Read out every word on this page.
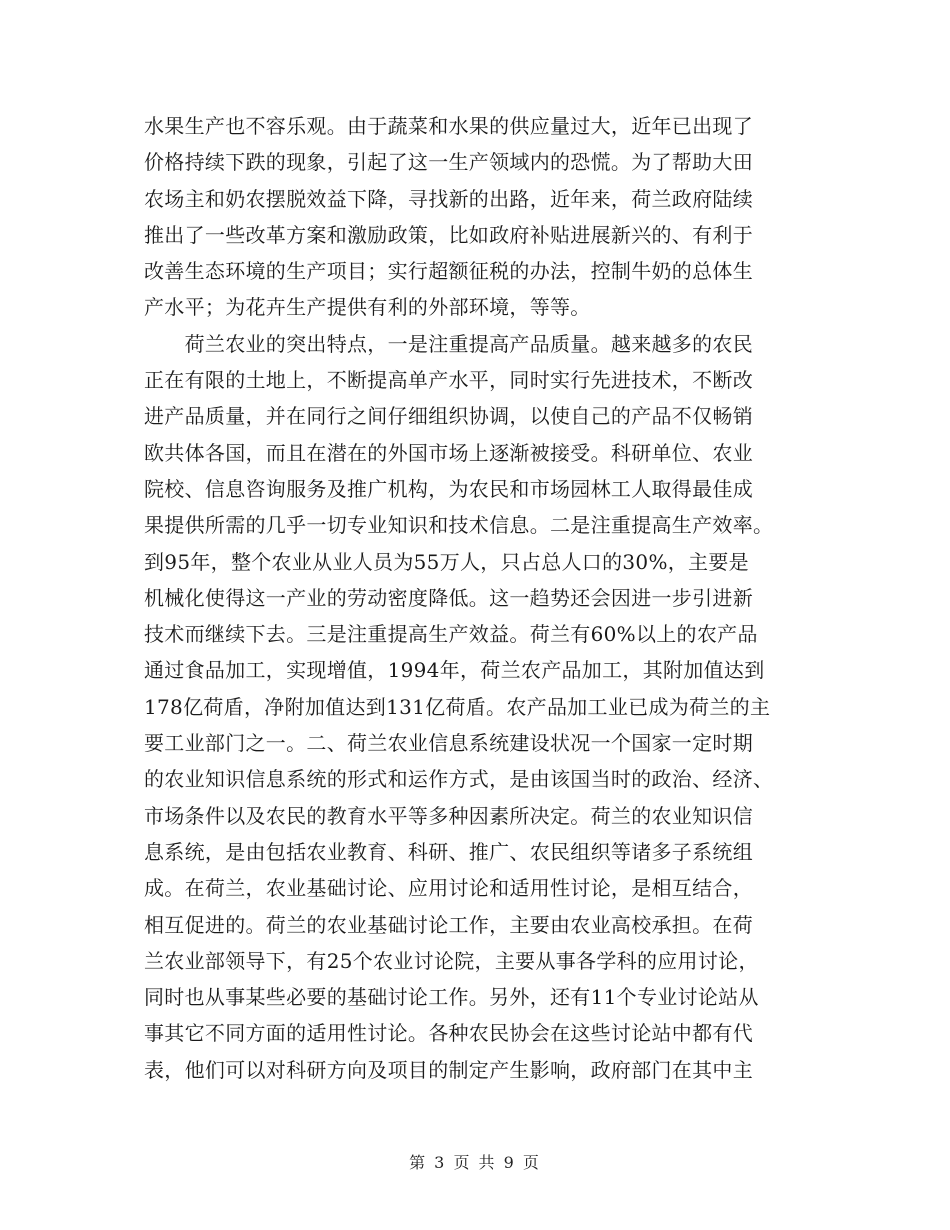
水果生产也不容乐观。由于蔬菜和水果的供应量过大，近年已出现了
价格持续下跌的现象，引起了这一生产领域内的恐慌。为了帮助大田
农场主和奶农摆脱效益下降，寻找新的出路，近年来，荷兰政府陆续
推出了一些改革方案和激励政策，比如政府补贴进展新兴的、有利于
改善生态环境的生产项目；实行超额征税的办法，控制牛奶的总体生
产水平；为花卉生产提供有利的外部环境，等等。
　　荷兰农业的突出特点，一是注重提高产品质量。越来越多的农民
正在有限的土地上，不断提高单产水平，同时实行先进技术，不断改
进产品质量，并在同行之间仔细组织协调，以使自己的产品不仅畅销
欧共体各国，而且在潜在的外国市场上逐渐被接受。科研单位、农业
院校、信息咨询服务及推广机构，为农民和市场园林工人取得最佳成
果提供所需的几乎一切专业知识和技术信息。二是注重提高生产效率。
到95年，整个农业从业人员为55万人，只占总人口的30%，主要是
机械化使得这一产业的劳动密度降低。这一趋势还会因进一步引进新
技术而继续下去。三是注重提高生产效益。荷兰有60%以上的农产品
通过食品加工，实现增值，1994年，荷兰农产品加工，其附加值达到
178亿荷盾，净附加值达到131亿荷盾。农产品加工业已成为荷兰的主
要工业部门之一。二、荷兰农业信息系统建设状况一个国家一定时期
的农业知识信息系统的形式和运作方式，是由该国当时的政治、经济、
市场条件以及农民的教育水平等多种因素所决定。荷兰的农业知识信
息系统，是由包括农业教育、科研、推广、农民组织等诸多子系统组
成。在荷兰，农业基础讨论、应用讨论和适用性讨论，是相互结合，
相互促进的。荷兰的农业基础讨论工作，主要由农业高校承担。在荷
兰农业部领导下，有25个农业讨论院，主要从事各学科的应用讨论，
同时也从事某些必要的基础讨论工作。另外，还有11个专业讨论站从
事其它不同方面的适用性讨论。各种农民协会在这些讨论站中都有代
表，他们可以对科研方向及项目的制定产生影响，政府部门在其中主
第 3 页 共 9 页
